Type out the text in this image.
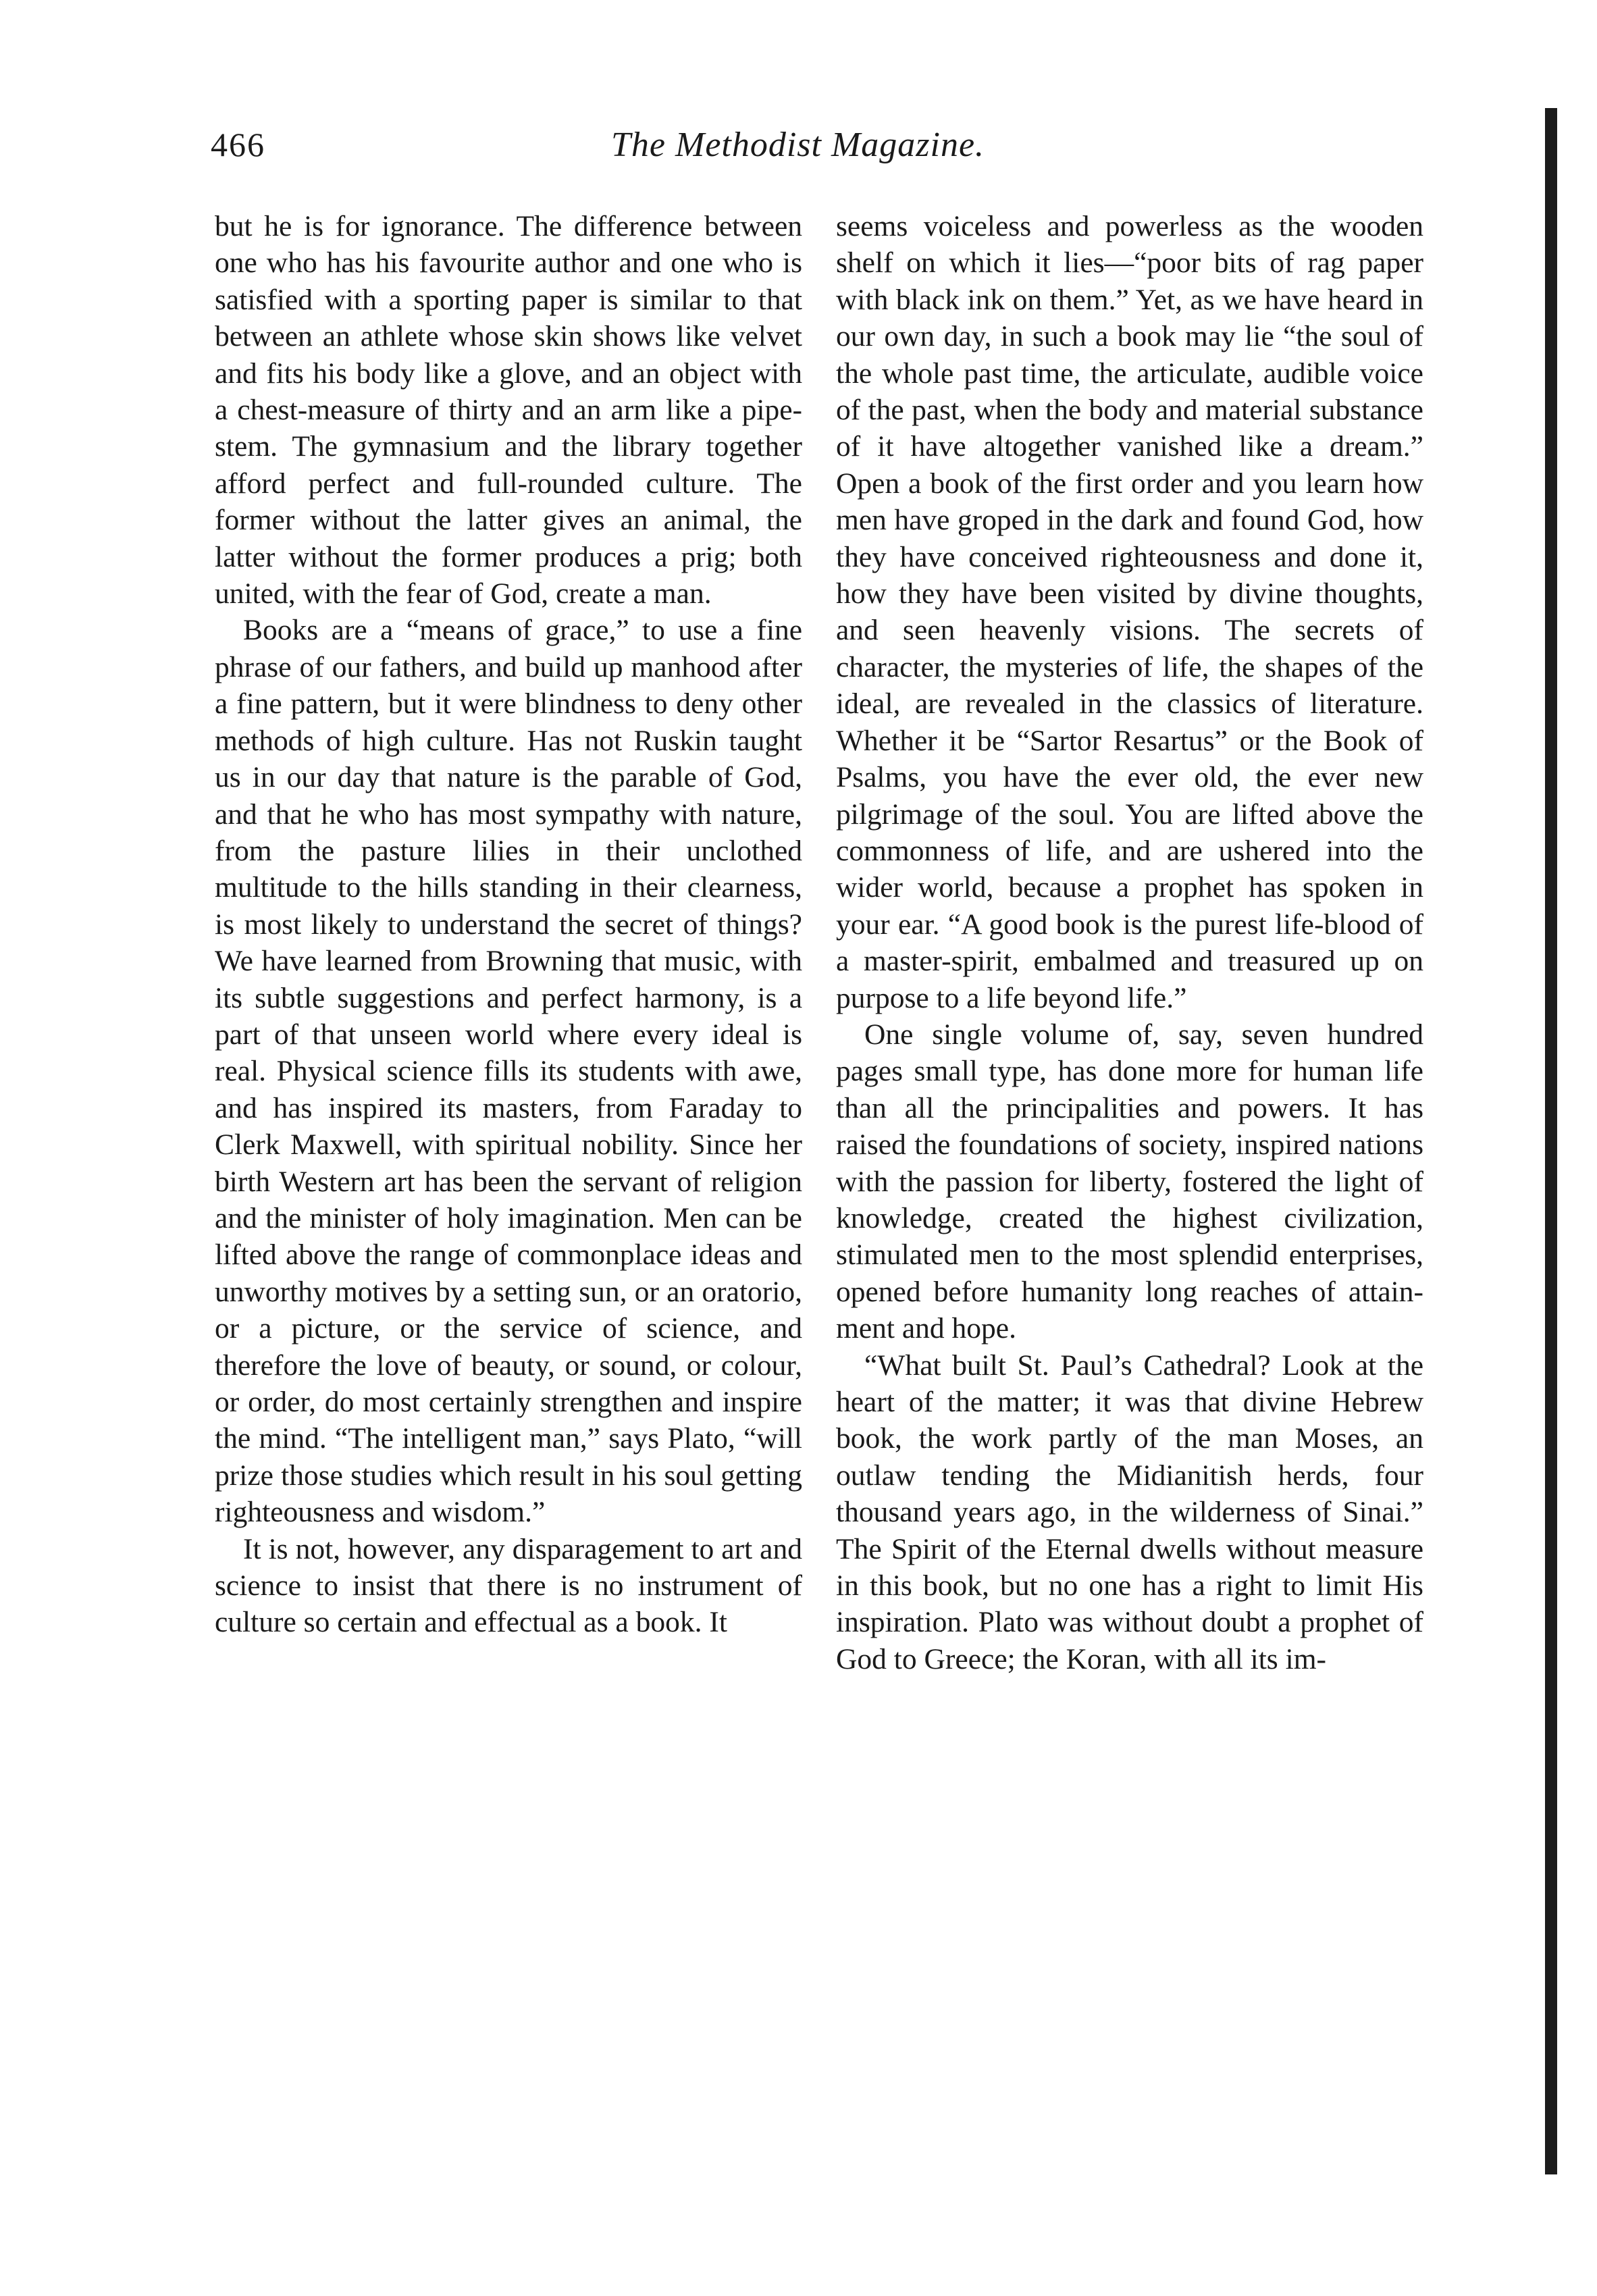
466	The Methodist Magazine.

but he is for ignorance. The difference between one who has his favourite author and one who is satisfied with a sporting paper is similar to that between an athlete whose skin shows like velvet and fits his body like a glove, and an object with a chest-measure of thirty and an arm like a pipe-stem. The gymnasium and the library together afford perfect and full-rounded culture. The former without the latter gives an animal, the latter without the former produces a prig; both united, with the fear of God, create a man.

Books are a “means of grace,” to use a fine phrase of our fathers, and build up manhood after a fine pattern, but it were blindness to deny other methods of high culture. Has not Ruskin taught us in our day that nature is the parable of God, and that he who has most sympathy with nature, from the pasture lilies in their unclothed multitude to the hills standing in their clearness, is most likely to understand the secret of things? We have learned from Browning that music, with its subtle suggestions and perfect harmony, is a part of that unseen world where every ideal is real. Physical science fills its students with awe, and has inspired its masters, from Faraday to Clerk Maxwell, with spiritual nobility. Since her birth Western art has been the servant of religion and the minister of holy imagination. Men can be lifted above the range of commonplace ideas and unworthy motives by a setting sun, or an oratorio, or a picture, or the service of science, and therefore the love of beauty, or sound, or colour, or order, do most certainly strengthen and inspire the mind. “The intelligent man,” says Plato, “will prize those studies which result in his soul getting righteousness and wisdom.”

It is not, however, any disparagement to art and science to insist that there is no instrument of culture so certain and effectual as a book. It

seems voiceless and powerless as the wooden shelf on which it lies—“poor bits of rag paper with black ink on them.” Yet, as we have heard in our own day, in such a book may lie “the soul of the whole past time, the articulate, audible voice of the past, when the body and material substance of it have altogether vanished like a dream.” Open a book of the first order and you learn how men have groped in the dark and found God, how they have conceived righteousness and done it, how they have been visited by divine thoughts, and seen heavenly visions. The secrets of character, the mysteries of life, the shapes of the ideal, are revealed in the classics of literature. Whether it be “Sartor Resartus” or the Book of Psalms, you have the ever old, the ever new pilgrimage of the soul. You are lifted above the commonness of life, and are ushered into the wider world, because a prophet has spoken in your ear. “A good book is the purest life-blood of a master-spirit, embalmed and treasured up on purpose to a life beyond life.”

One single volume of, say, seven hundred pages small type, has done more for human life than all the principalities and powers. It has raised the foundations of society, inspired nations with the passion for liberty, fostered the light of knowledge, created the highest civilization, stimulated men to the most splendid enterprises, opened before humanity long reaches of attainment and hope.

“What built St. Paul’s Cathedral? Look at the heart of the matter; it was that divine Hebrew book, the work partly of the man Moses, an outlaw tending the Midianitish herds, four thousand years ago, in the wilderness of Sinai.” The Spirit of the Eternal dwells without measure in this book, but no one has a right to limit His inspiration. Plato was without doubt a prophet of God to Greece; the Koran, with all its im-
